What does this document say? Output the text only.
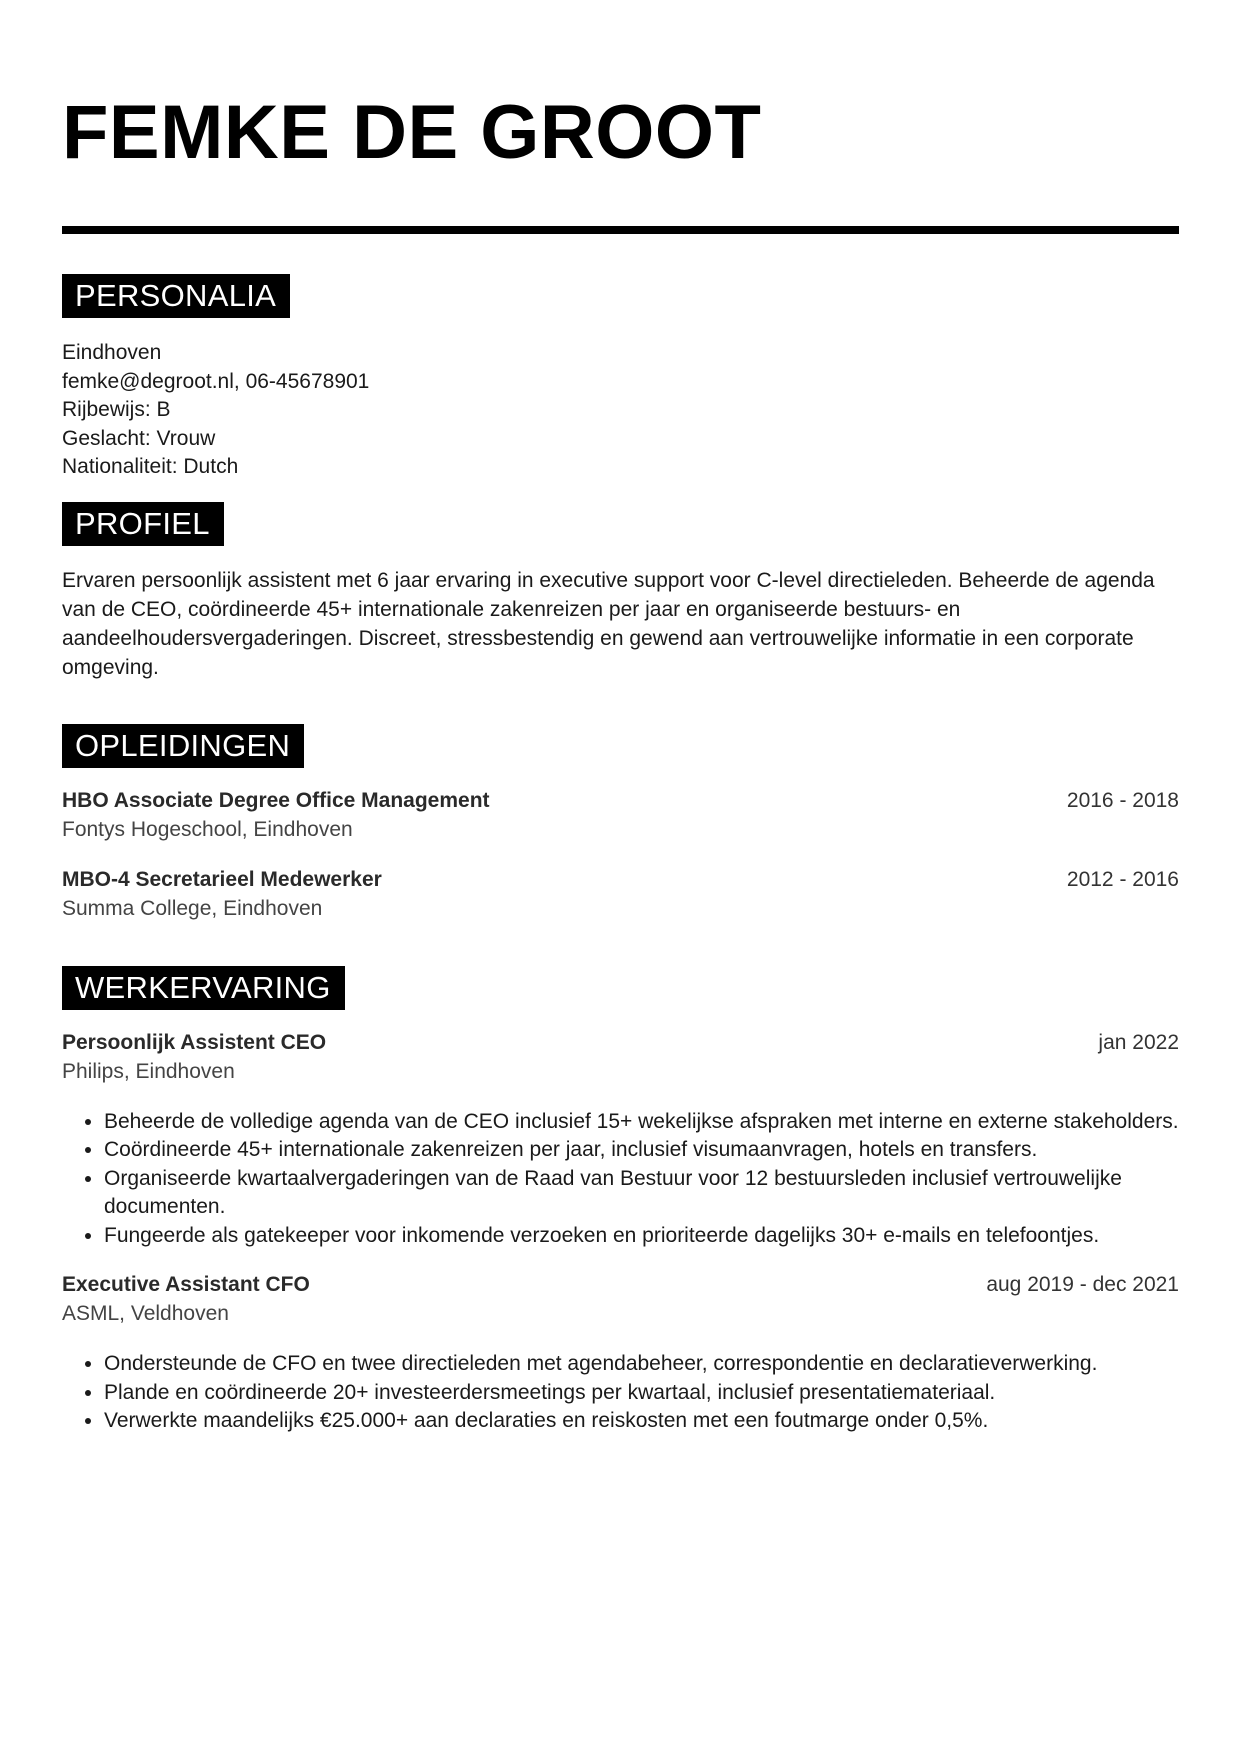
FEMKE DE GROOT
PERSONALIA
Eindhoven
femke@degroot.nl, 06-45678901
Rijbewijs: B
Geslacht: Vrouw
Nationaliteit: Dutch
PROFIEL
Ervaren persoonlijk assistent met 6 jaar ervaring in executive support voor C-level directieleden. Beheerde de agenda van de CEO, coördineerde 45+ internationale zakenreizen per jaar en organiseerde bestuurs- en aandeelhoudersvergaderingen. Discreet, stressbestendig en gewend aan vertrouwelijke informatie in een corporate omgeving.
OPLEIDINGEN
HBO Associate Degree Office Management	2016 - 2018
Fontys Hogeschool, Eindhoven
MBO-4 Secretarieel Medewerker	2012 - 2016
Summa College, Eindhoven
WERKERVARING
Persoonlijk Assistent CEO	jan 2022
Philips, Eindhoven
• Beheerde de volledige agenda van de CEO inclusief 15+ wekelijkse afspraken met interne en externe stakeholders.
• Coördineerde 45+ internationale zakenreizen per jaar, inclusief visumaanvragen, hotels en transfers.
• Organiseerde kwartaalvergaderingen van de Raad van Bestuur voor 12 bestuursleden inclusief vertrouwelijke documenten.
• Fungeerde als gatekeeper voor inkomende verzoeken en prioriteerde dagelijks 30+ e-mails en telefoontjes.
Executive Assistant CFO	aug 2019 - dec 2021
ASML, Veldhoven
• Ondersteunde de CFO en twee directieleden met agendabeheer, correspondentie en declaratieverwerking.
• Plande en coördineerde 20+ investeerdersmeetings per kwartaal, inclusief presentatiemateriaal.
• Verwerkte maandelijks €25.000+ aan declaraties en reiskosten met een foutmarge onder 0,5%.
